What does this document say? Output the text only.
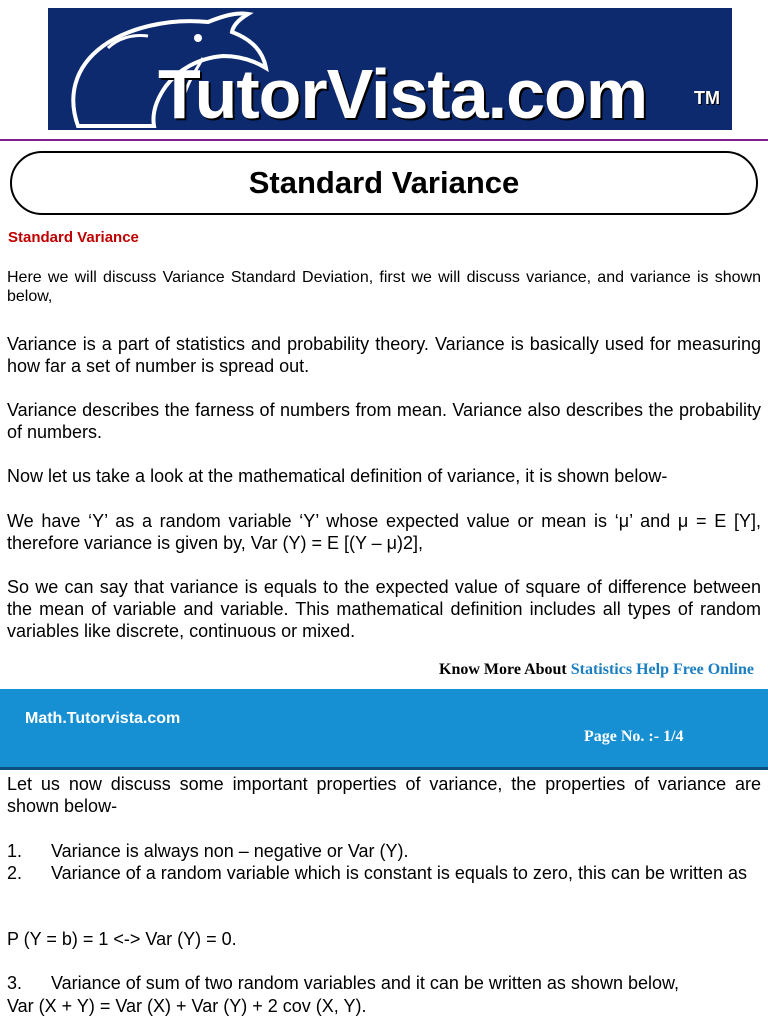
TutorVista.com	TM
Standard Variance
Standard Variance

Here we will discuss Variance Standard Deviation, first we will discuss variance, and variance is shown below,

Variance is a part of statistics and probability theory. Variance is basically used for measuring how far a set of number is spread out.

Variance describes the farness of numbers from mean. Variance also describes the probability of numbers.

Now let us take a look at the mathematical definition of variance, it is shown below-

We have ‘Y’ as a random variable ‘Y’ whose expected value or mean is ‘μ’ and μ = E [Y], therefore variance is given by, Var (Y) = E [(Y – μ)2],

So we can say that variance is equals to the expected value of square of difference between the mean of variable and variable. This mathematical definition includes all types of random variables like discrete, continuous or mixed.

Know More About Statistics Help Free Online
Math.Tutorvista.com
Page No. :- 1/4

Let us now discuss some important properties of variance, the properties of variance are shown below-

1. Variance is always non – negative or Var (Y).
2. Variance of a random variable which is constant is equals to zero, this can be written as
P (Y = b) = 1 <-> Var (Y) = 0.
3. Variance of sum of two random variables and it can be written as shown below,
Var (X + Y) = Var (X) + Var (Y) + 2 cov (X, Y).
